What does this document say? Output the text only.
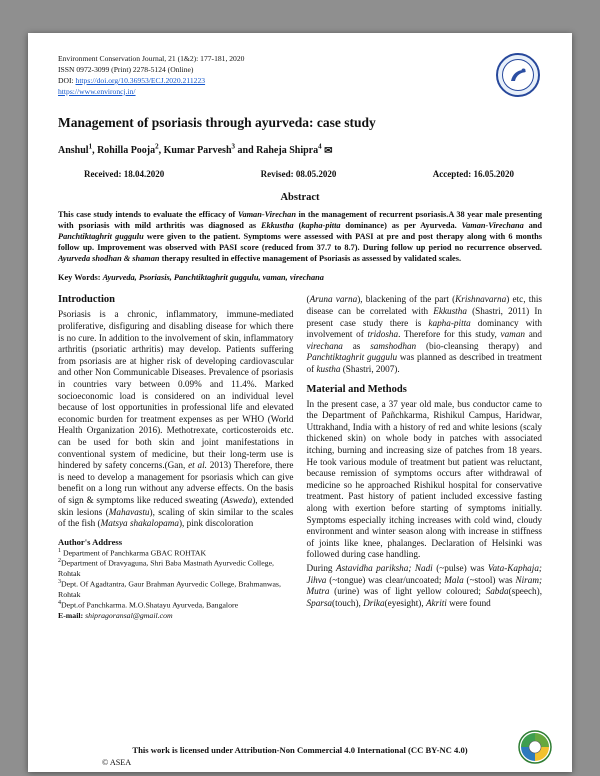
Environment Conservation Journal, 21 (1&2): 177-181, 2020
ISSN 0972-3099 (Print) 2278-5124 (Online)
DOI: https://doi.org/10.36953/ECJ.2020.211223
https://www.environcj.in/
Management of psoriasis through ayurveda: case study
Anshul$^1$, Rohilla Pooja$^2$, Kumar Parvesh$^3$ and Raheja Shipra$^4$ ✉
Received: 18.04.2020	Revised: 08.05.2020	Accepted: 16.05.2020
Abstract

This case study intends to evaluate the efficacy of Vaman-Virechan in the management of recurrent psoriasis.A 38 year male presenting with psoriasis with mild arthritis was diagnosed as Ekkustha (kapha-pitta dominance) as per Ayurveda. Vaman-Virechana and Panchtiktaghrit guggulu were given to the patient. Symptoms were assessed with PASI at pre and post therapy along with 6 months follow up. Improvement was observed with PASI score (reduced from 37.7 to 8.7). During follow up period no recurrence observed. Ayurveda shodhan & shaman therapy resulted in effective management of Psoriasis as assessed by validated scales.

Key Words: Ayurveda, Psoriasis, Panchtiktaghrit guggulu, vaman, virechana

Introduction

Psoriasis is a chronic, inflammatory, immune-mediated proliferative, disfiguring and disabling disease for which there is no cure. In addition to the involvement of skin, inflammatory arthritis (psoriatic arthritis) may develop. Patients suffering from psoriasis are at higher risk of developing cardiovascular and other Non Communicable Diseases. Prevalence of psoriasis in countries vary between 0.09% and 11.4%. Marked socioeconomic load is considered on an individual level because of lost opportunities in professional life and elevated economic burden for treatment expenses as per WHO (World Health Organization 2016). Methotrexate, corticosteroids etc. can be used for both skin and joint manifestations in conventional system of medicine, but their long-term use is hindered by safety concerns.(Gan, et al. 2013) Therefore, there is need to develop a management for psoriasis which can give benefit on a long run without any adverse effects. On the basis of sign & symptoms like reduced sweating (Asweda), extended skin lesions (Mahavastu), scaling of skin similar to the scales of the fish (Matsya shakalopama), pink discoloration

Author's Address
$^1$ Department of Panchkarma GBAC ROHTAK
$^2$Department of Dravyaguna, Shri Baba Mastnath Ayurvedic College, Rohtak
$^3$Dept. Of Agadtantra, Gaur Brahman Ayurvedic College, Brahmanwas, Rohtak
$^4$Dept.of Panchkarma. M.O.Shatayu Ayurveda, Bangalore
E-mail: shipragoransal@gmail.com

(Aruna varna), blackening of the part (Krishnavarna) etc, this disease can be correlated with Ekkustha (Shastri, 2011) In present case study there is kapha-pitta dominancy with involvement of tridosha. Therefore for this study, vaman and virechana as samshodhan (bio-cleansing therapy) and Panchtiktaghrit guggulu was planned as described in treatment of kustha (Shastri, 2007).

Material and Methods

In the present case, a 37 year old male, bus conductor came to the Department of Pañchkarma, Rishikul Campus, Haridwar, Uttrakhand, India with a history of red and white lesions (scaly thickened skin) on whole body in patches with associated itching, burning and increasing size of patches from 18 years. He took various module of treatment but patient was reluctant, because remission of symptoms occurs after withdrawal of medicine so he approached Rishikul hospital for conservative treatment. Past history of patient included excessive fasting along with exertion before starting of symptoms initially. Symptoms especially itching increases with cold wind, cloudy environment and winter season along with increase in stiffness of joints like knee, phalanges. Declaration of Helsinki was followed during case handling.

During Astavidha pariksha; Nadi (~pulse) was Vata-Kaphaja; Jihva (~tongue) was clear/uncoated; Mala (~stool) was Niram; Mutra (urine) was of light yellow coloured; Sabda(speech), Sparsa(touch), Drika(eyesight), Akriti were found

This work is licensed under Attribution-Non Commercial 4.0 International (CC BY-NC 4.0)
© ASEA
